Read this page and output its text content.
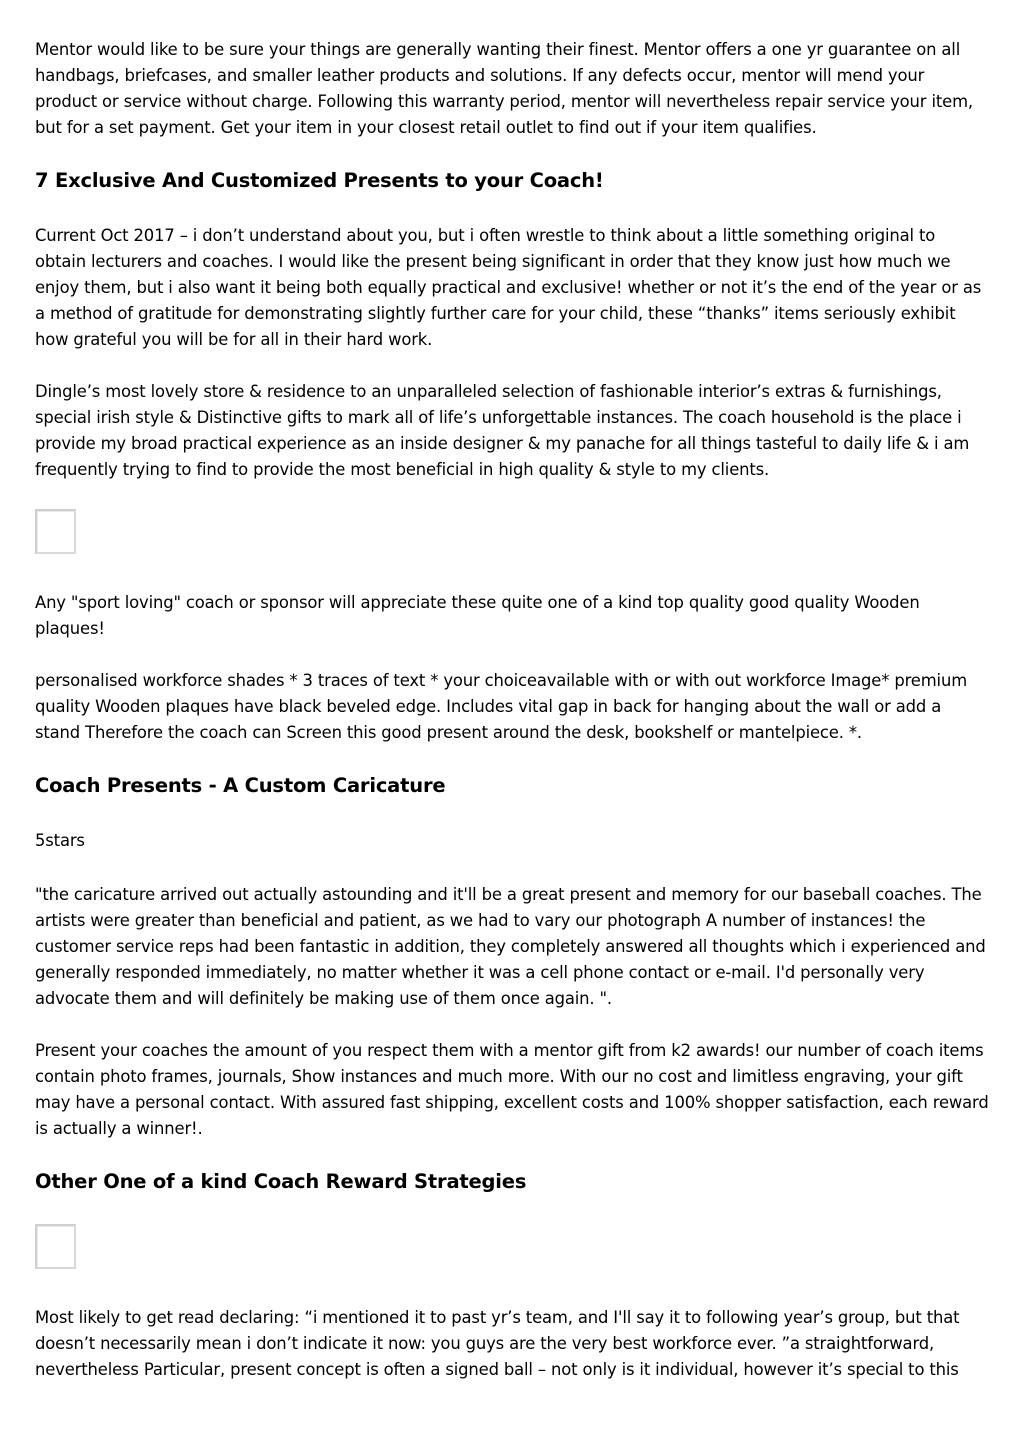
Mentor would like to be sure your things are generally wanting their finest. Mentor offers a one yr guarantee on all handbags, briefcases, and smaller leather products and solutions. If any defects occur, mentor will mend your product or service without charge. Following this warranty period, mentor will nevertheless repair service your item, but for a set payment. Get your item in your closest retail outlet to find out if your item qualifies.

7 Exclusive And Customized Presents to your Coach!

Current Oct 2017 – i don’t understand about you, but i often wrestle to think about a little something original to obtain lecturers and coaches. I would like the present being significant in order that they know just how much we enjoy them, but i also want it being both equally practical and exclusive! whether or not it’s the end of the year or as a method of gratitude for demonstrating slightly further care for your child, these “thanks” items seriously exhibit how grateful you will be for all in their hard work.

Dingle’s most lovely store & residence to an unparalleled selection of fashionable interior’s extras & furnishings, special irish style & Distinctive gifts to mark all of life’s unforgettable instances. The coach household is the place i provide my broad practical experience as an inside designer & my panache for all things tasteful to daily life & i am frequently trying to find to provide the most beneficial in high quality & style to my clients.

Any "sport loving" coach or sponsor will appreciate these quite one of a kind top quality good quality Wooden plaques!

personalised workforce shades * 3 traces of text * your choiceavailable with or with out workforce Image* premium quality Wooden plaques have black beveled edge. Includes vital gap in back for hanging about the wall or add a stand Therefore the coach can Screen this good present around the desk, bookshelf or mantelpiece. *.

Coach Presents - A Custom Caricature

5stars

"the caricature arrived out actually astounding and it'll be a great present and memory for our baseball coaches. The artists were greater than beneficial and patient, as we had to vary our photograph A number of instances! the customer service reps had been fantastic in addition, they completely answered all thoughts which i experienced and generally responded immediately, no matter whether it was a cell phone contact or e-mail. I'd personally very advocate them and will definitely be making use of them once again. ".

Present your coaches the amount of you respect them with a mentor gift from k2 awards! our number of coach items contain photo frames, journals, Show instances and much more. With our no cost and limitless engraving, your gift may have a personal contact. With assured fast shipping, excellent costs and 100% shopper satisfaction, each reward is actually a winner!.

Other One of a kind Coach Reward Strategies

Most likely to get read declaring: “i mentioned it to past yr’s team, and I'll say it to following year’s group, but that doesn’t necessarily mean i don’t indicate it now: you guys are the very best workforce ever. ”a straightforward, nevertheless Particular, present concept is often a signed ball – not only is it individual, however it’s special to this
